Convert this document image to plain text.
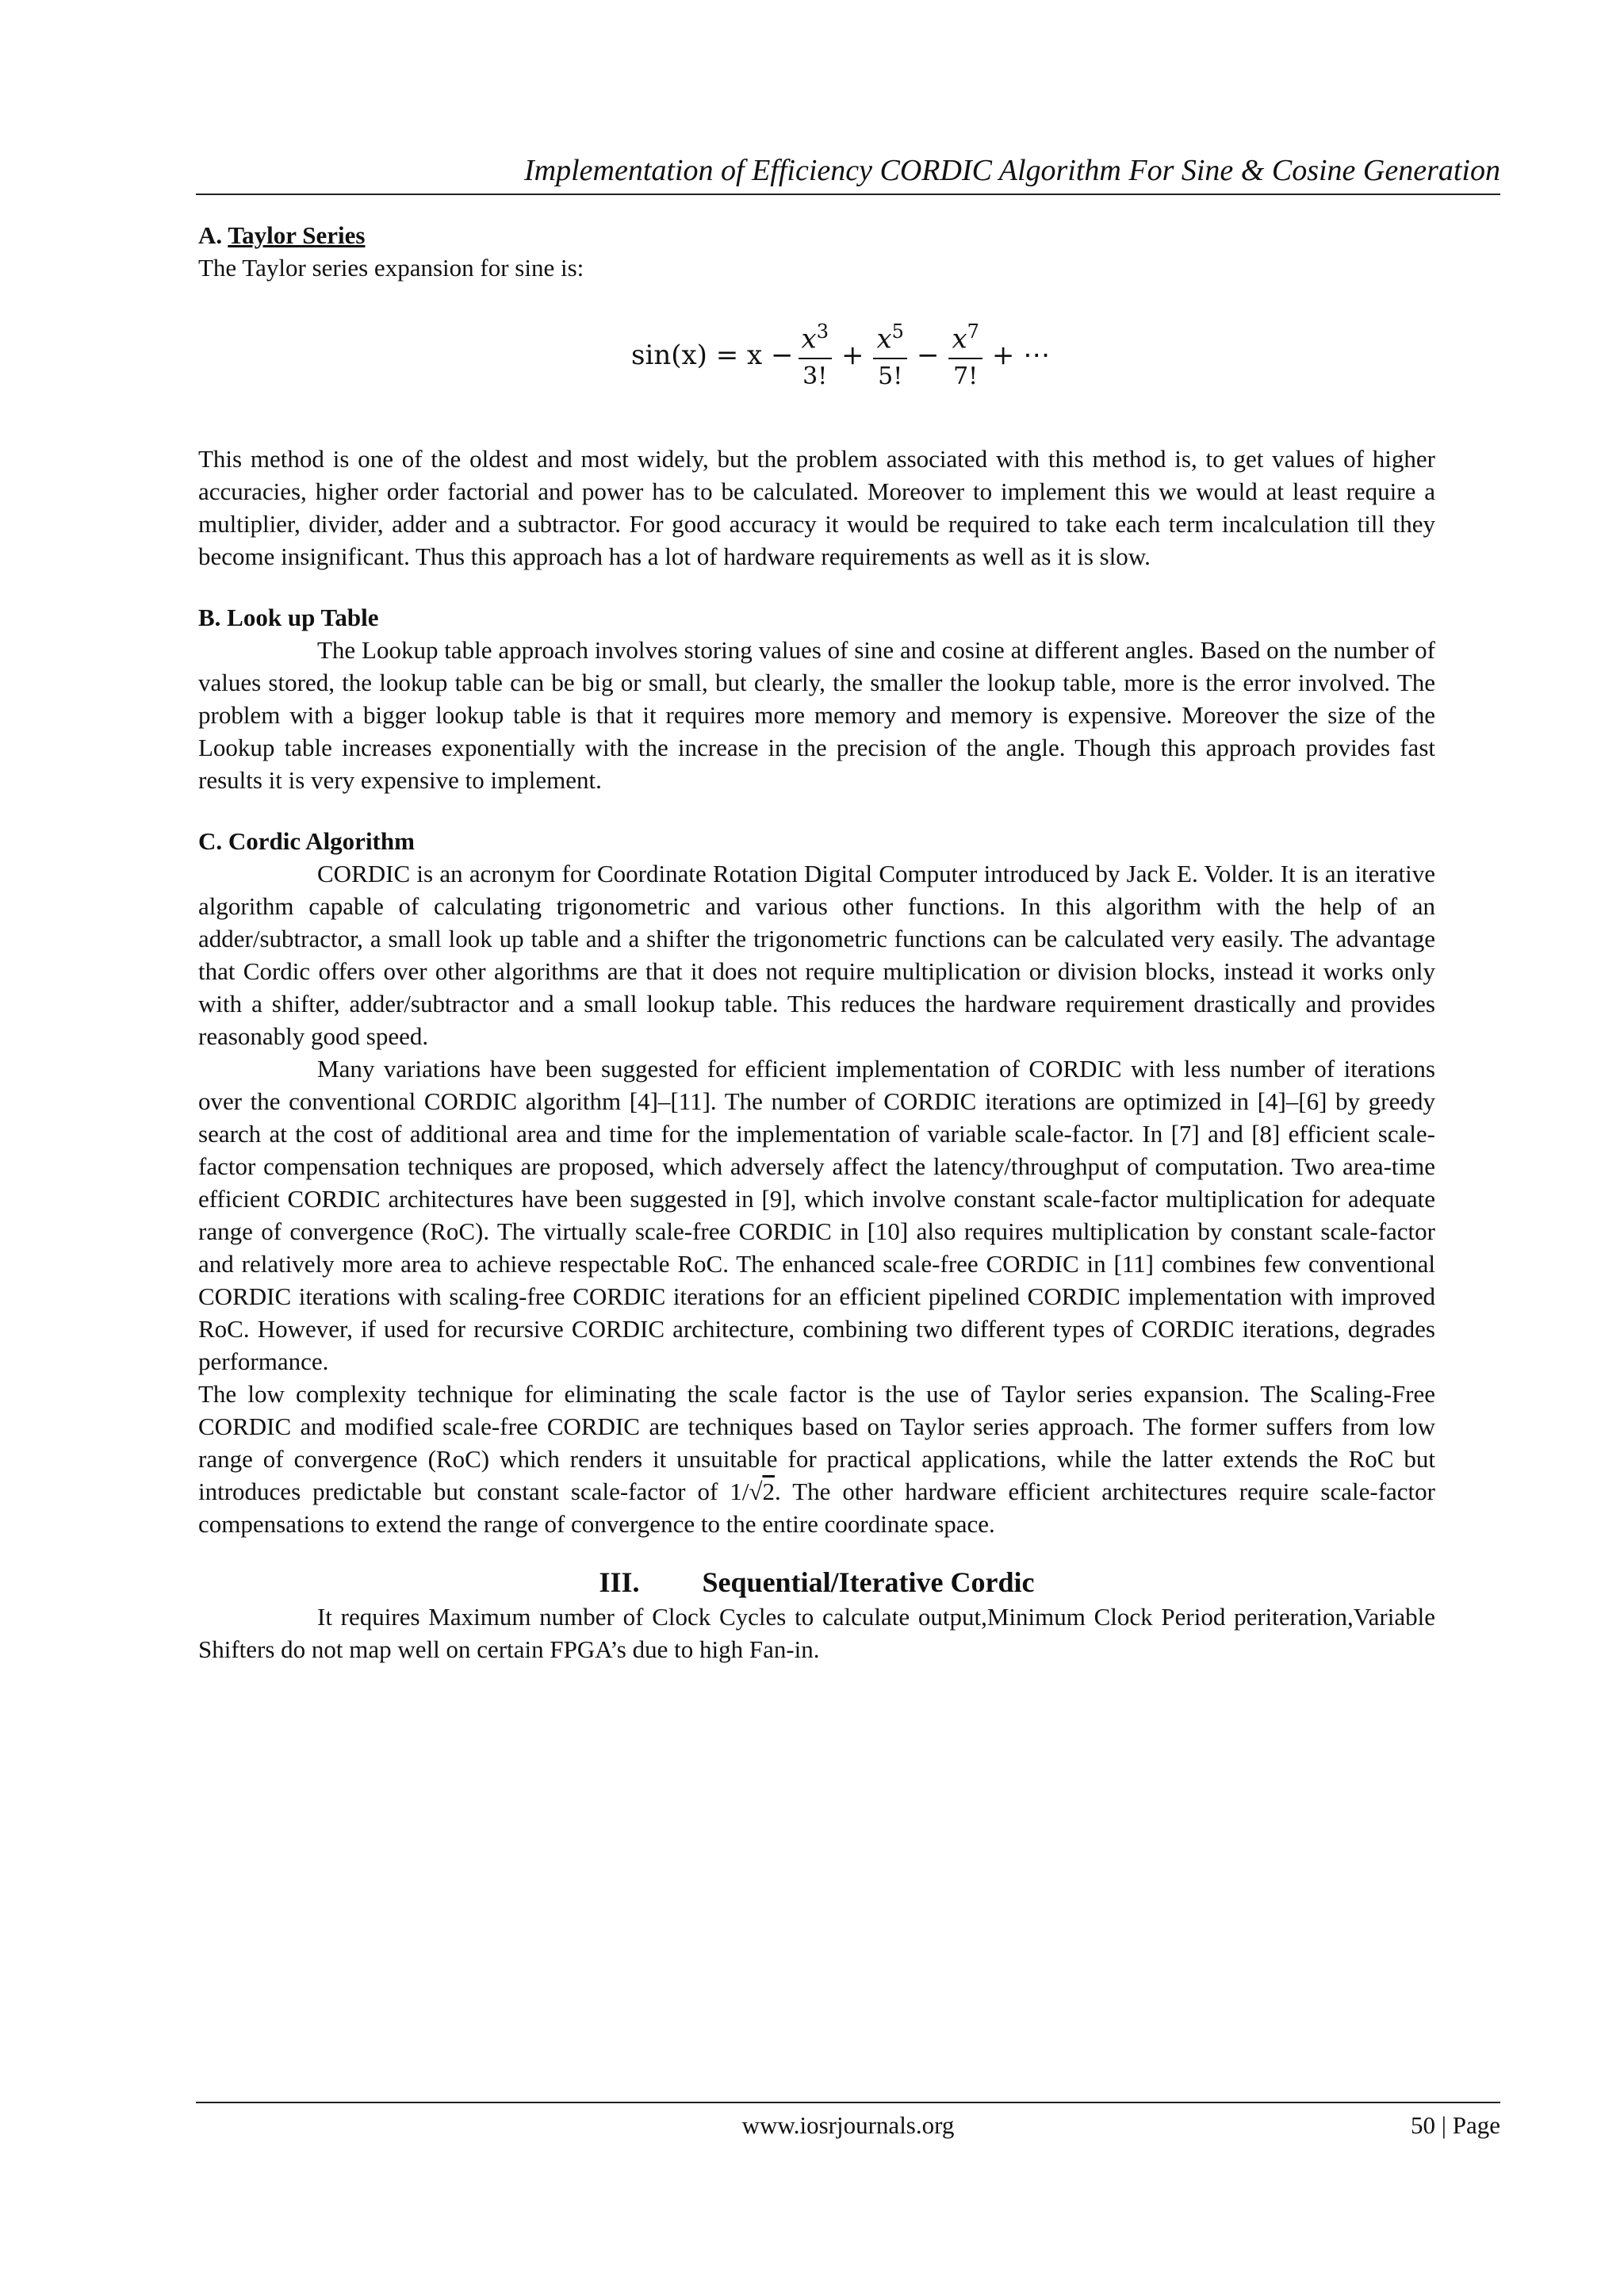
Implementation of Efficiency CORDIC Algorithm For Sine & Cosine Generation
A. Taylor Series

The Taylor series expansion for sine is:

$\sin(x) = x - \frac{x^3}{3!} + \frac{x^5}{5!} - \frac{x^7}{7!}$ + ⋯

This method is one of the oldest and most widely, but the problem associated with this method is, to get values of higher accuracies, higher order factorial and power has to be calculated. Moreover to implement this we would at least require a multiplier, divider, adder and a subtractor. For good accuracy it would be required to take each term incalculation till they become insignificant. Thus this approach has a lot of hardware requirements as well as it is slow.

B. Look up Table

The Lookup table approach involves storing values of sine and cosine at different angles. Based on the number of values stored, the lookup table can be big or small, but clearly, the smaller the lookup table, more is the error involved. The problem with a bigger lookup table is that it requires more memory and memory is expensive. Moreover the size of the Lookup table increases exponentially with the increase in the precision of the angle. Though this approach provides fast results it is very expensive to implement.

C. Cordic Algorithm

CORDIC is an acronym for Coordinate Rotation Digital Computer introduced by Jack E. Volder. It is an iterative algorithm capable of calculating trigonometric and various other functions. In this algorithm with the help of an adder/subtractor, a small look up table and a shifter the trigonometric functions can be calculated very easily. The advantage that Cordic offers over other algorithms are that it does not require multiplication or division blocks, instead it works only with a shifter, adder/subtractor and a small lookup table. This reduces the hardware requirement drastically and provides reasonably good speed.

Many variations have been suggested for efficient implementation of CORDIC with less number of iterations over the conventional CORDIC algorithm [4]–[11]. The number of CORDIC iterations are optimized in [4]–[6] by greedy search at the cost of additional area and time for the implementation of variable scale-factor. In [7] and [8] efficient scale-factor compensation techniques are proposed, which adversely affect the latency/throughput of computation. Two area-time efficient CORDIC architectures have been suggested in [9], which involve constant scale-factor multiplication for adequate range of convergence (RoC). The virtually scale-free CORDIC in [10] also requires multiplication by constant scale-factor and relatively more area to achieve respectable RoC. The enhanced scale-free CORDIC in [11] combines few conventional CORDIC iterations with scaling-free CORDIC iterations for an efficient pipelined CORDIC implementation with improved RoC. However, if used for recursive CORDIC architecture, combining two different types of CORDIC iterations, degrades performance.

The low complexity technique for eliminating the scale factor is the use of Taylor series expansion. The Scaling-Free CORDIC and modified scale-free CORDIC are techniques based on Taylor series approach. The former suffers from low range of convergence (RoC) which renders it unsuitable for practical applications, while the latter extends the RoC but introduces predictable but constant scale-factor of 1/√2. The other hardware efficient architectures require scale-factor compensations to extend the range of convergence to the entire coordinate space.

III. Sequential/Iterative Cordic

It requires Maximum number of Clock Cycles to calculate output,Minimum Clock Period periteration,Variable Shifters do not map well on certain FPGA’s due to high Fan-in.

www.iosrjournals.org	50 | Page
